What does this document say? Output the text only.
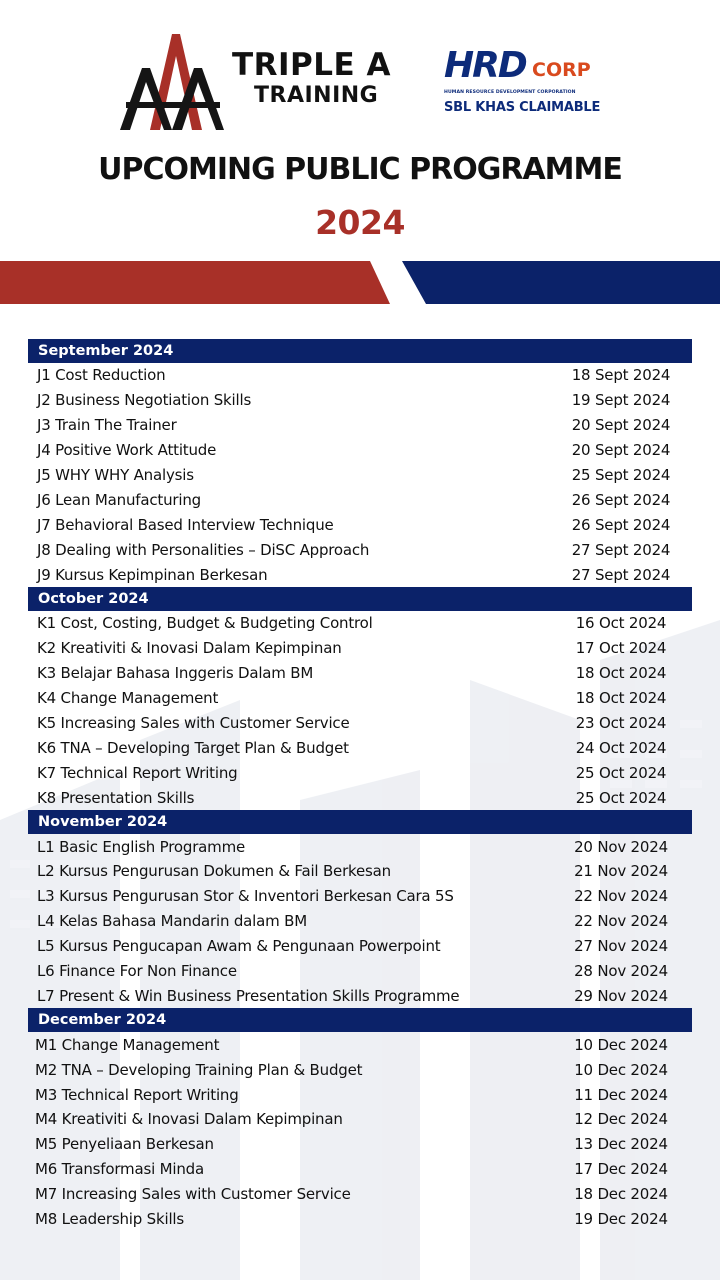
TRIPLE A
TRAINING
HRD CORP
HUMAN RESOURCE DEVELOPMENT CORPORATION
SBL KHAS CLAIMABLE
UPCOMING PUBLIC PROGRAMME
2024
September 2024
J1 Cost Reduction	18 Sept 2024
J2 Business Negotiation Skills	19 Sept 2024
J3 Train The Trainer	20 Sept 2024
J4 Positive Work Attitude	20 Sept 2024
J5 WHY WHY Analysis	25 Sept 2024
J6 Lean Manufacturing	26 Sept 2024
J7 Behavioral Based Interview Technique	26 Sept 2024
J8 Dealing with Personalities – DiSC Approach	27 Sept 2024
J9 Kursus Kepimpinan Berkesan	27 Sept 2024
October 2024
K1 Cost, Costing, Budget & Budgeting Control	16 Oct 2024
K2 Kreativiti & Inovasi Dalam Kepimpinan	17 Oct 2024
K3 Belajar Bahasa Inggeris Dalam BM	18 Oct 2024
K4 Change Management	18 Oct 2024
K5 Increasing Sales with Customer Service	23 Oct 2024
K6 TNA – Developing Target Plan & Budget	24 Oct 2024
K7 Technical Report Writing	25 Oct 2024
K8 Presentation Skills	25 Oct 2024
November 2024
L1 Basic English Programme	20 Nov 2024
L2 Kursus Pengurusan Dokumen & Fail Berkesan	21 Nov 2024
L3 Kursus Pengurusan Stor & Inventori Berkesan Cara 5S	22 Nov 2024
L4 Kelas Bahasa Mandarin dalam BM	22 Nov 2024
L5 Kursus Pengucapan Awam & Pengunaan Powerpoint	27 Nov 2024
L6 Finance For Non Finance	28 Nov 2024
L7 Present & Win Business Presentation Skills Programme	29 Nov 2024
December 2024
M1 Change Management	10 Dec 2024
M2 TNA – Developing Training Plan & Budget	10 Dec 2024
M3 Technical Report Writing	11 Dec 2024
M4 Kreativiti & Inovasi Dalam Kepimpinan	12 Dec 2024
M5 Penyeliaan Berkesan	13 Dec 2024
M6 Transformasi Minda	17 Dec 2024
M7 Increasing Sales with Customer Service	18 Dec 2024
M8 Leadership Skills	19 Dec 2024
